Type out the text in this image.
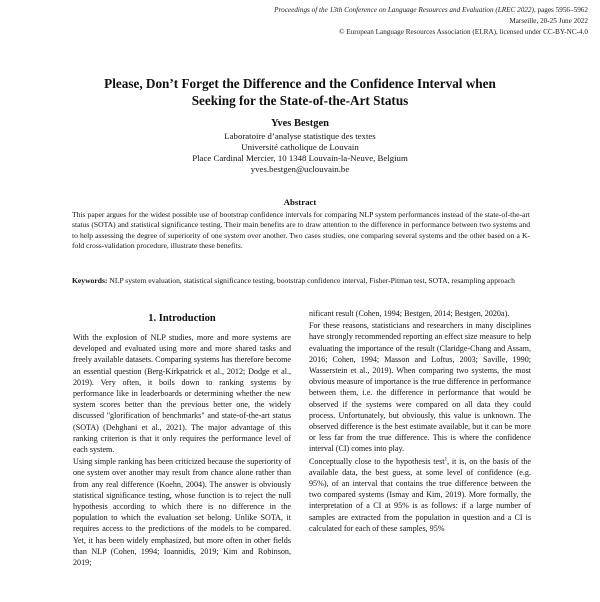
Proceedings of the 13th Conference on Language Resources and Evaluation (LREC 2022), pages 5956–5962
Marseille, 20-25 June 2022
© European Language Resources Association (ELRA), licensed under CC-BY-NC-4.0
Please, Don’t Forget the Difference and the Confidence Interval when
Seeking for the State-of-the-Art Status
Yves Bestgen
Laboratoire d’analyse statistique des textes
Université catholique de Louvain
Place Cardinal Mercier, 10 1348 Louvain-la-Neuve, Belgium
yves.bestgen@uclouvain.be
Abstract
This paper argues for the widest possible use of bootstrap confidence intervals for comparing NLP system performances instead of the state-of-the-art status (SOTA) and statistical significance testing. Their main benefits are to draw attention to the difference in performance between two systems and to help assessing the degree of superiority of one system over another. Two cases studies, one comparing several systems and the other based on a K-fold cross-validation procedure, illustrate these benefits.
Keywords: NLP system evaluation, statistical significance testing, bootstrap confidence interval, Fisher-Pitman test, SOTA, resampling approach
1. Introduction

With the explosion of NLP studies, more and more systems are developed and evaluated using more and more shared tasks and freely available datasets. Comparing systems has therefore become an essential question (Berg-Kirkpatrick et al., 2012; Dodge et al., 2019). Very often, it boils down to ranking systems by performance like in leaderboards or determining whether the new system scores better than the previous better one, the widely discussed "glorification of benchmarks" and state-of-the-art status (SOTA) (Dehghani et al., 2021). The major advantage of this ranking criterion is that it only requires the performance level of each system.

Using simple ranking has been criticized because the superiority of one system over another may result from chance alone rather than from any real difference (Koehn, 2004). The answer is obviously statistical significance testing, whose function is to reject the null hypothesis according to which there is no difference in the population to which the evaluation set belong. Unlike SOTA, it requires access to the predictions of the models to be compared. Yet, it has been widely emphasized, but more often in other fields than NLP (Cohen, 1994; Ioannidis, 2019; Kim and Robinson, 2019;

nificant result (Cohen, 1994; Bestgen, 2014; Bestgen, 2020a).

For these reasons, statisticians and researchers in many disciplines have strongly recommended reporting an effect size measure to help evaluating the importance of the result (Claridge-Chang and Assam, 2016; Cohen, 1994; Masson and Loftus, 2003; Saville, 1990; Wasserstein et al., 2019). When comparing two systems, the most obvious measure of importance is the true difference in performance between them, i.e. the difference in performance that would be observed if the systems were compared on all data they could process. Unfortunately, but obviously, this value is unknown. The observed difference is the best estimate available, but it can be more or less far from the true difference. This is where the confidence interval (CI) comes into play.

Conceptually close to the hypothesis test$^1$, it is, on the basis of the available data, the best guess, at some level of confidence (e.g. 95%), of an interval that contains the true difference between the two compared systems (Ismay and Kim, 2019). More formally, the interpretation of a CI at 95% is as follows: if a large number of samples are extracted from the population in question and a CI is calculated for each of these samples, 95%
